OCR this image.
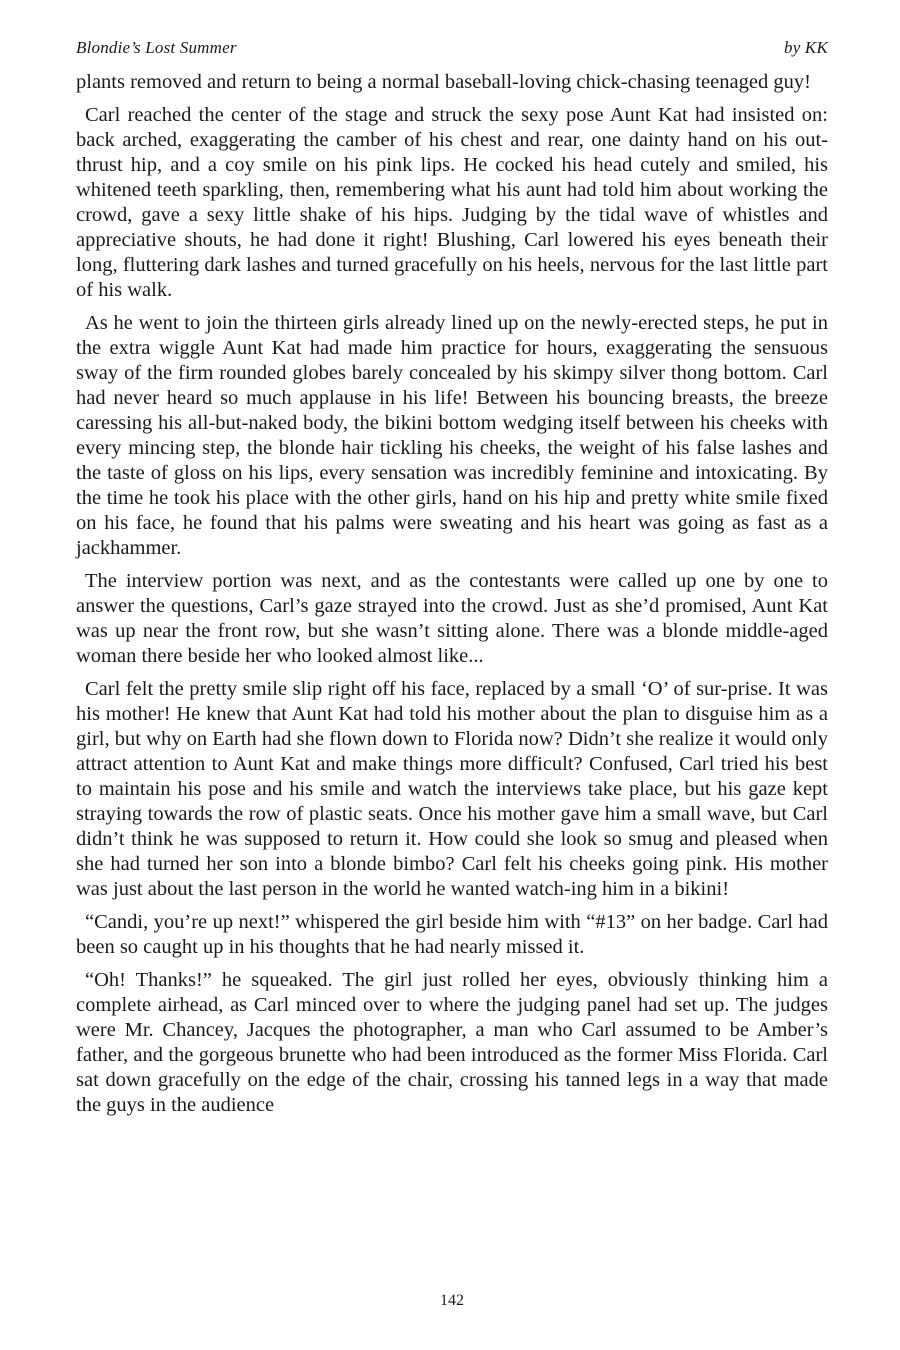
Blondie’s Lost Summer	by KK

plants removed and return to being a normal baseball-loving chick-chasing teenaged guy!

Carl reached the center of the stage and struck the sexy pose Aunt Kat had insisted on: back arched, exaggerating the camber of his chest and rear, one dainty hand on his out-thrust hip, and a coy smile on his pink lips. He cocked his head cutely and smiled, his whitened teeth sparkling, then, remembering what his aunt had told him about working the crowd, gave a sexy little shake of his hips. Judging by the tidal wave of whistles and appreciative shouts, he had done it right! Blushing, Carl lowered his eyes beneath their long, fluttering dark lashes and turned gracefully on his heels, nervous for the last little part of his walk.

As he went to join the thirteen girls already lined up on the newly-erected steps, he put in the extra wiggle Aunt Kat had made him practice for hours, exaggerating the sensuous sway of the firm rounded globes barely concealed by his skimpy silver thong bottom. Carl had never heard so much applause in his life! Between his bouncing breasts, the breeze caressing his all-but-naked body, the bikini bottom wedging itself between his cheeks with every mincing step, the blonde hair tickling his cheeks, the weight of his false lashes and the taste of gloss on his lips, every sensation was incredibly feminine and intoxicating. By the time he took his place with the other girls, hand on his hip and pretty white smile fixed on his face, he found that his palms were sweating and his heart was going as fast as a jackhammer.

The interview portion was next, and as the contestants were called up one by one to answer the questions, Carl’s gaze strayed into the crowd. Just as she’d promised, Aunt Kat was up near the front row, but she wasn’t sitting alone. There was a blonde middle-aged woman there beside her who looked almost like...

Carl felt the pretty smile slip right off his face, replaced by a small ‘O’ of sur-prise. It was his mother! He knew that Aunt Kat had told his mother about the plan to disguise him as a girl, but why on Earth had she flown down to Florida now? Didn’t she realize it would only attract attention to Aunt Kat and make things more difficult? Confused, Carl tried his best to maintain his pose and his smile and watch the interviews take place, but his gaze kept straying towards the row of plastic seats. Once his mother gave him a small wave, but Carl didn’t think he was supposed to return it. How could she look so smug and pleased when she had turned her son into a blonde bimbo? Carl felt his cheeks going pink. His mother was just about the last person in the world he wanted watch-ing him in a bikini!

“Candi, you’re up next!” whispered the girl beside him with “#13” on her badge. Carl had been so caught up in his thoughts that he had nearly missed it.

“Oh! Thanks!” he squeaked. The girl just rolled her eyes, obviously thinking him a complete airhead, as Carl minced over to where the judging panel had set up. The judges were Mr. Chancey, Jacques the photographer, a man who Carl assumed to be Amber’s father, and the gorgeous brunette who had been introduced as the former Miss Florida. Carl sat down gracefully on the edge of the chair, crossing his tanned legs in a way that made the guys in the audience

142
